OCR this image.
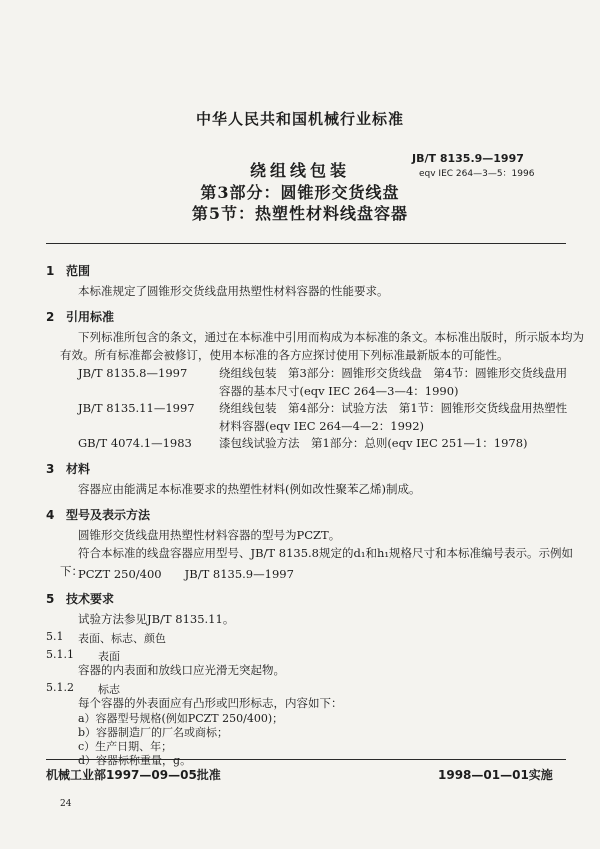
中华人民共和国机械行业标准
绕组线包装
第3部分：圆锥形交货线盘
第5节：热塑性材料线盘容器
JB/T 8135.9—1997
eqv IEC 264—3—5：1996
1 范围
本标准规定了圆锥形交货线盘用热塑性材料容器的性能要求。
2 引用标准
下列标准所包含的条文，通过在本标准中引用而构成为本标准的条文。本标准出版时，所示版本均为
有效。所有标准都会被修订，使用本标准的各方应探讨使用下列标准最新版本的可能性。
JB/T 8135.8—1997	绕组线包装　第3部分：圆锥形交货线盘　第4节：圆锥形交货线盘用容器的基本尺寸(eqv IEC 264—3—4：1990)
JB/T 8135.11—1997 绕组线包装　第4部分：试验方法　第1节：圆锥形交货线盘用热塑性材料容器(eqv IEC 264—4—2：1992)
GB/T 4074.1—1983 漆包线试验方法　第1部分：总则(eqv IEC 251—1：1978)
3 材料
容器应由能满足本标准要求的热塑性材料(例如改性聚苯乙烯)制成。
4 型号及表示方法
圆锥形交货线盘用热塑性材料容器的型号为PCZT。
符合本标准的线盘容器应用型号、JB/T 8135.8规定的d₁和h₁规格尺寸和本标准编号表示。示例如
下：
PCZT 250/400　　JB/T 8135.9—1997
5 技术要求
试验方法参见JB/T 8135.11。
5.1 表面、标志、颜色
5.1.1 表面
容器的内表面和放线口应光滑无突起物。
5.1.2 标志
每个容器的外表面应有凸形或凹形标志，内容如下：
a）容器型号规格(例如PCZT 250/400)；
b）容器制造厂的厂名或商标；
c）生产日期、年；
机械工业部1997—09—05批准	1998—01—01实施
24
d）容器标称重量，g。
